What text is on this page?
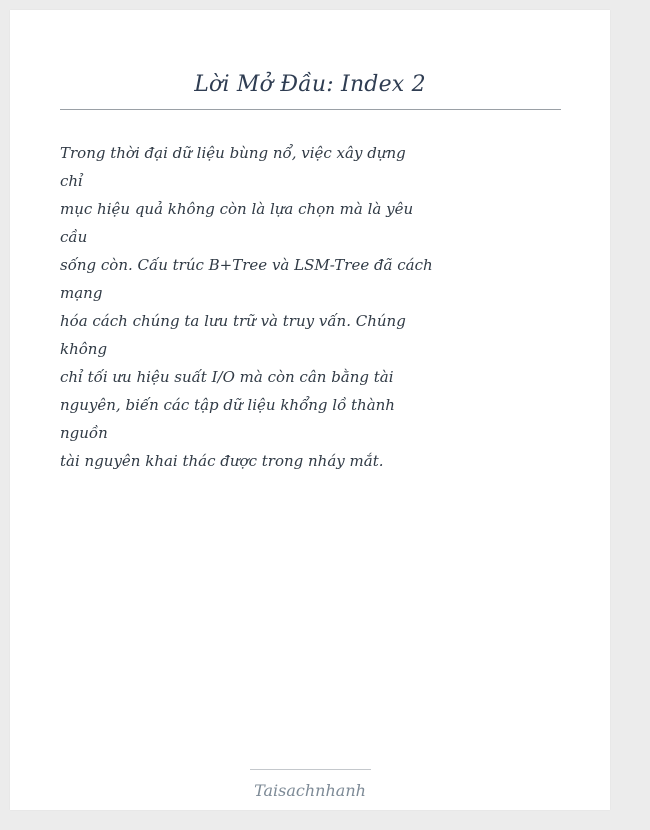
Lời Mở Đầu: Index 2
Trong thời đại dữ liệu bùng nổ, việc xây dựng
chỉ
mục hiệu quả không còn là lựa chọn mà là yêu
cầu
sống còn. Cấu trúc B+Tree và LSM-Tree đã cách
mạng
hóa cách chúng ta lưu trữ và truy vấn. Chúng
không
chỉ tối ưu hiệu suất I/O mà còn cân bằng tài
nguyên, biến các tập dữ liệu khổng lồ thành
nguồn
tài nguyên khai thác được trong nháy mắt.
Taisachnhanh
